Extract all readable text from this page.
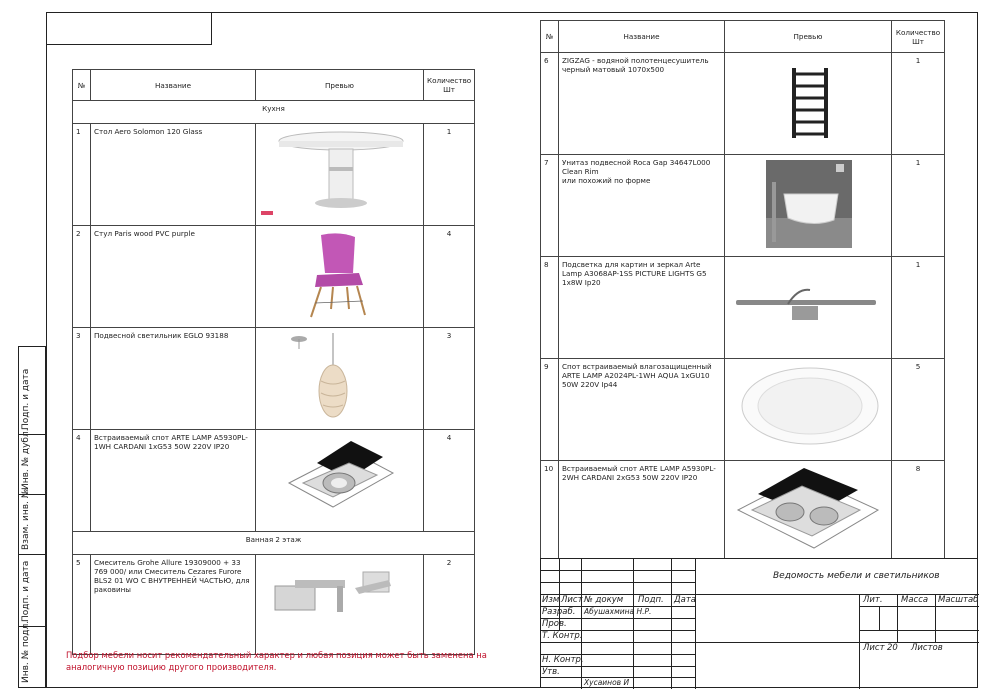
Подп. и дата
Инв. № дубл.
Взам. инв. №
Подп. и дата
Инв. № подл.
№	Название	Превью	Количество
Шт
Кухня			
1	Стол Aero Solomon 120 Glass		1
2	Стул Paris wood PVC purple		4
3	Подвесной светильник EGLO 93188		3
4	Встраиваемый спот ARTE LAMP A5930PL-1WH CARDANI 1xG53 50W 220V IP20		4
Ванная 2 этаж			
5	Смеситель Grohe Allure 19309000 + 33 769 000/ или Смеситель Cezares Furore BLS2 01 WO С ВНУТРЕННЕЙ ЧАСТЬЮ, для раковины		2
№	Название	Превью	Количество
Шт
6	ZIGZAG - водяной полотенцесушитель черный матовый 1070х500		1
7	Унитаз подвесной Roca Gap 34647L000 Clean Rim
или похожий по форме		1
8	Подсветка для картин и зеркал Arte Lamp A3068AP-1SS PICTURE LIGHTS G5 1x8W Ip20		1
9	Спот встраиваемый влагозащищенный ARTE LAMP A2024PL-1WH AQUA 1xGU10 50W 220V Ip44		5
10	Встраиваемый спот ARTE LAMP A5930PL-2WH CARDANI 2xG53 50W 220V IP20		8
Подбор мебели носит рекомендательный характер и любая позиция может быть заменена на аналогичную позицию другого производителя.
Ведомость мебели и светильников
Изм Лист № докум Подп. Дата
Разраб. Абушахмина Н.Р.
Пров.
Т. Контр.
Н. Контр.
Утв.
Хусаинов И
Лит. Масса Масштаб
Лист 20 Листов
